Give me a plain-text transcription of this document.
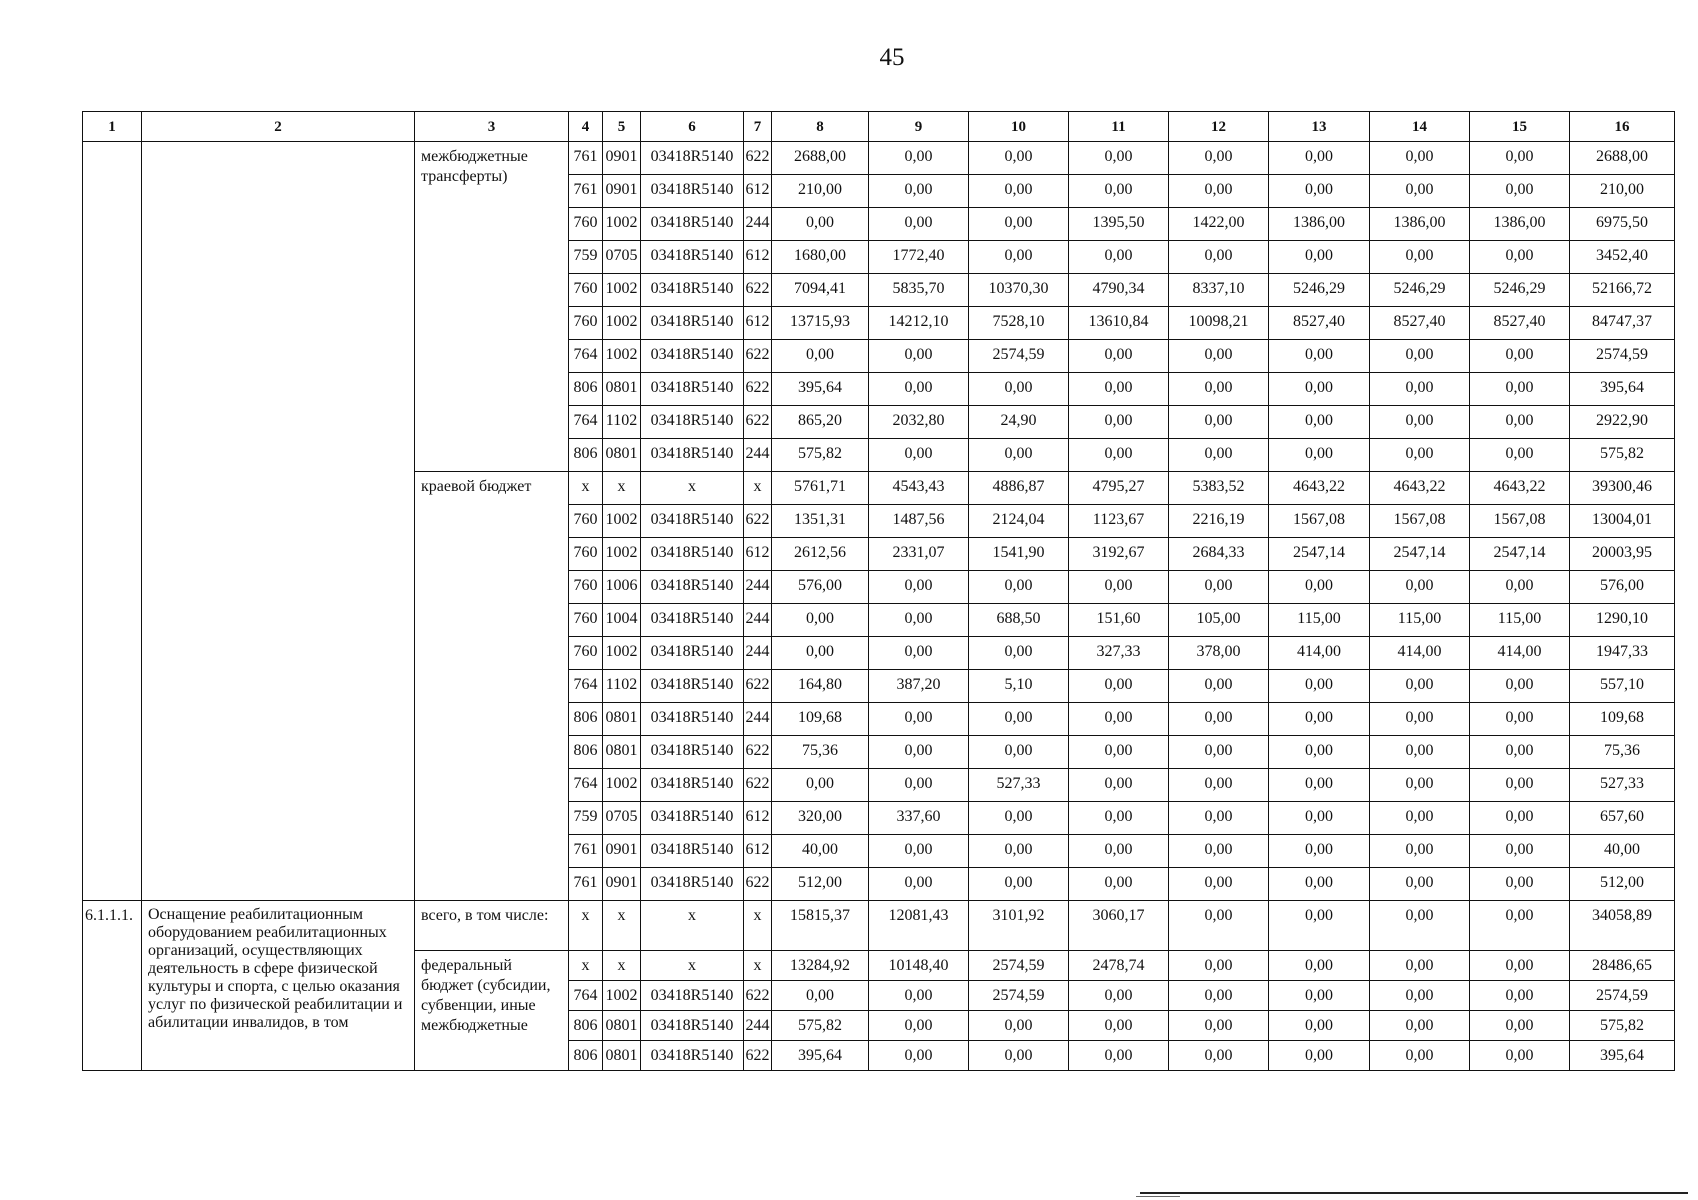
45
1	2	3	4	5	6	7	8	9	10	11	12	13	14	15	16
		межбюджетные трансферты)	761	0901	03418R5140	622	2688,00	0,00	0,00	0,00	0,00	0,00	0,00	0,00	2688,00
			761	0901	03418R5140	612	210,00	0,00	0,00	0,00	0,00	0,00	0,00	0,00	210,00
			760	1002	03418R5140	244	0,00	0,00	0,00	1395,50	1422,00	1386,00	1386,00	1386,00	6975,50
			759	0705	03418R5140	612	1680,00	1772,40	0,00	0,00	0,00	0,00	0,00	0,00	3452,40
			760	1002	03418R5140	622	7094,41	5835,70	10370,30	4790,34	8337,10	5246,29	5246,29	5246,29	52166,72
			760	1002	03418R5140	612	13715,93	14212,10	7528,10	13610,84	10098,21	8527,40	8527,40	8527,40	84747,37
			764	1002	03418R5140	622	0,00	0,00	2574,59	0,00	0,00	0,00	0,00	0,00	2574,59
			806	0801	03418R5140	622	395,64	0,00	0,00	0,00	0,00	0,00	0,00	0,00	395,64
			764	1102	03418R5140	622	865,20	2032,80	24,90	0,00	0,00	0,00	0,00	0,00	2922,90
			806	0801	03418R5140	244	575,82	0,00	0,00	0,00	0,00	0,00	0,00	0,00	575,82
		краевой бюджет	х	х	х	х	5761,71	4543,43	4886,87	4795,27	5383,52	4643,22	4643,22	4643,22	39300,46
			760	1002	03418R5140	622	1351,31	1487,56	2124,04	1123,67	2216,19	1567,08	1567,08	1567,08	13004,01
			760	1002	03418R5140	612	2612,56	2331,07	1541,90	3192,67	2684,33	2547,14	2547,14	2547,14	20003,95
			760	1006	03418R5140	244	576,00	0,00	0,00	0,00	0,00	0,00	0,00	0,00	576,00
			760	1004	03418R5140	244	0,00	0,00	688,50	151,60	105,00	115,00	115,00	115,00	1290,10
			760	1002	03418R5140	244	0,00	0,00	0,00	327,33	378,00	414,00	414,00	414,00	1947,33
			764	1102	03418R5140	622	164,80	387,20	5,10	0,00	0,00	0,00	0,00	0,00	557,10
			806	0801	03418R5140	244	109,68	0,00	0,00	0,00	0,00	0,00	0,00	0,00	109,68
			806	0801	03418R5140	622	75,36	0,00	0,00	0,00	0,00	0,00	0,00	0,00	75,36
			764	1002	03418R5140	622	0,00	0,00	527,33	0,00	0,00	0,00	0,00	0,00	527,33
			759	0705	03418R5140	612	320,00	337,60	0,00	0,00	0,00	0,00	0,00	0,00	657,60
			761	0901	03418R5140	612	40,00	0,00	0,00	0,00	0,00	0,00	0,00	0,00	40,00
			761	0901	03418R5140	622	512,00	0,00	0,00	0,00	0,00	0,00	0,00	0,00	512,00
6.1.1.1.	Оснащение реабилитационным оборудованием реабилитационных организаций, осуществляющих деятельность в сфере физической культуры и спорта, с целью оказания услуг по физической реабилитации и абилитации инвалидов, в том	всего, в том числе:	х	х	х	х	15815,37	12081,43	3101,92	3060,17	0,00	0,00	0,00	0,00	34058,89
		федеральный бюджет (субсидии, субвенции, иные межбюджетные	х	х	х	х	13284,92	10148,40	2574,59	2478,74	0,00	0,00	0,00	0,00	28486,65
			764	1002	03418R5140	622	0,00	0,00	2574,59	0,00	0,00	0,00	0,00	0,00	2574,59
			806	0801	03418R5140	244	575,82	0,00	0,00	0,00	0,00	0,00	0,00	0,00	575,82
			806	0801	03418R5140	622	395,64	0,00	0,00	0,00	0,00	0,00	0,00	0,00	395,64
